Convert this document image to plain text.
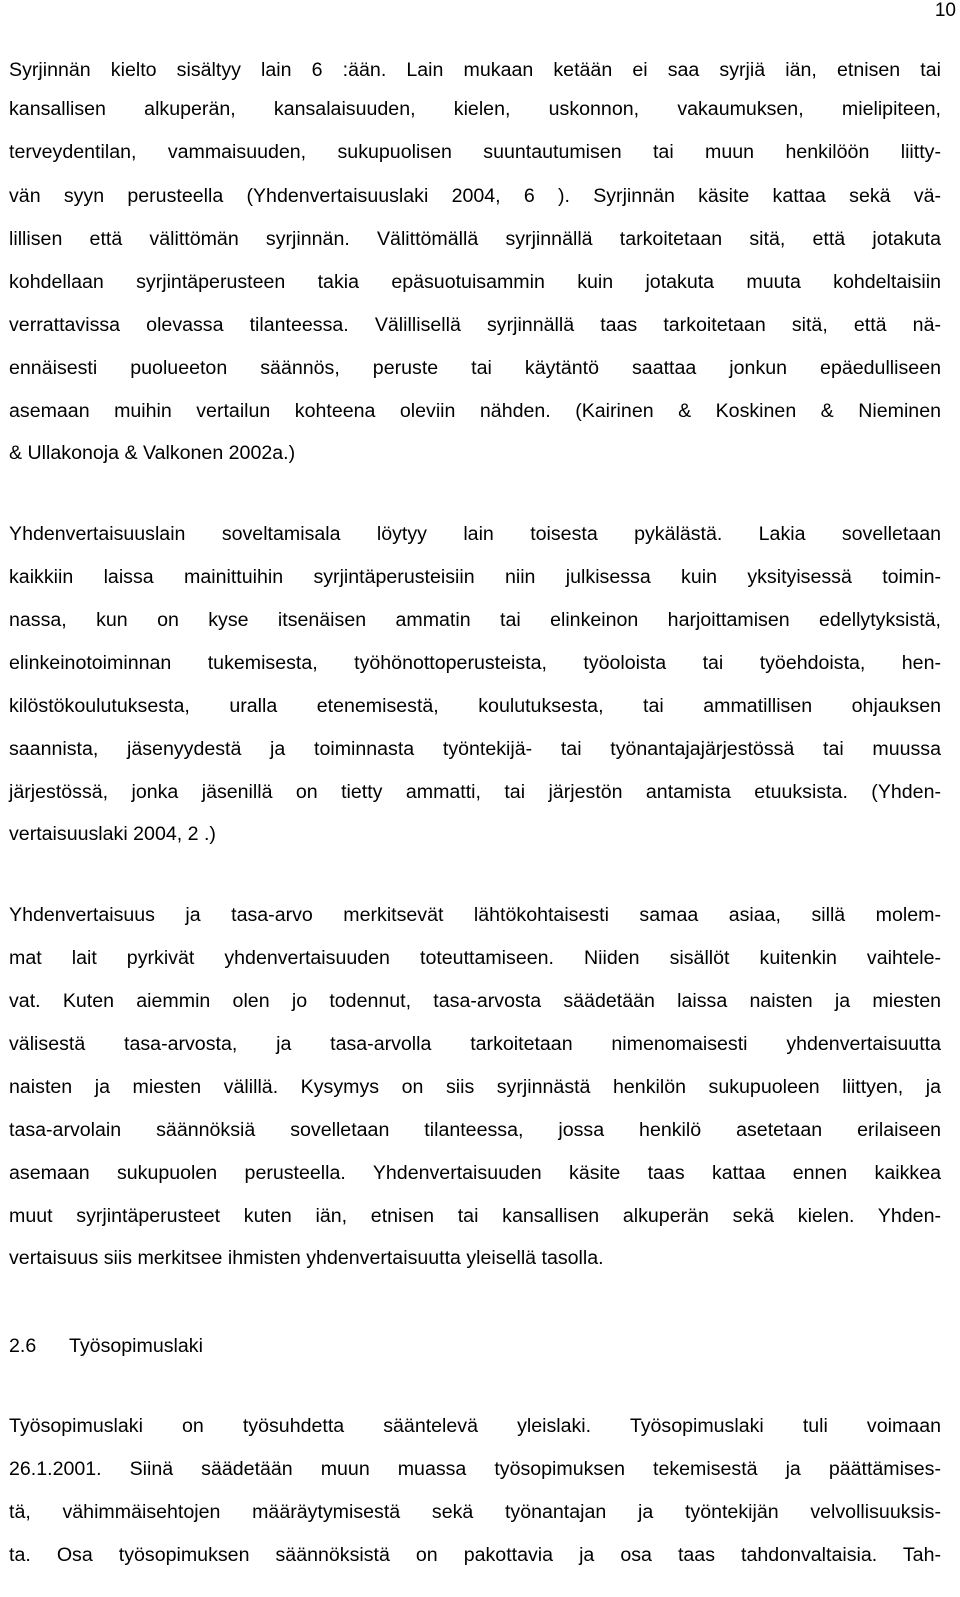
10
Syrjinnän kielto sisältyy lain 6 :ään. Lain mukaan ketään ei saa syrjiä iän, etnisen tai
kansallisen alkuperän, kansalaisuuden, kielen, uskonnon, vakaumuksen, mielipiteen,
terveydentilan, vammaisuuden, sukupuolisen suuntautumisen tai muun henkilöön liitty-
vän syyn perusteella (Yhdenvertaisuuslaki 2004, 6 ). Syrjinnän käsite kattaa sekä vä-
lillisen että välittömän syrjinnän. Välittömällä syrjinnällä tarkoitetaan sitä, että jotakuta
kohdellaan syrjintäperusteen takia epäsuotuisammin kuin jotakuta muuta kohdeltaisiin
verrattavissa olevassa tilanteessa. Välillisellä syrjinnällä taas tarkoitetaan sitä, että nä-
ennäisesti puolueeton säännös, peruste tai käytäntö saattaa jonkun epäedulliseen
asemaan muihin vertailun kohteena oleviin nähden. (Kairinen & Koskinen & Nieminen
& Ullakonoja & Valkonen 2002a.)
Yhdenvertaisuuslain soveltamisala löytyy lain toisesta pykälästä. Lakia sovelletaan
kaikkiin laissa mainittuihin syrjintäperusteisiin niin julkisessa kuin yksityisessä toimin-
nassa, kun on kyse itsenäisen ammatin tai elinkeinon harjoittamisen edellytyksistä,
elinkeinotoiminnan tukemisesta, työhönottoperusteista, työoloista tai työehdoista, hen-
kilöstökoulutuksesta, uralla etenemisestä, koulutuksesta, tai ammatillisen ohjauksen
saannista, jäsenyydestä ja toiminnasta työntekijä- tai työnantajajärjestössä tai muussa
järjestössä, jonka jäsenillä on tietty ammatti, tai järjestön antamista etuuksista. (Yhden-
vertaisuuslaki 2004, 2 .)
Yhdenvertaisuus ja tasa-arvo merkitsevät lähtökohtaisesti samaa asiaa, sillä molem-
mat lait pyrkivät yhdenvertaisuuden toteuttamiseen. Niiden sisällöt kuitenkin vaihtele-
vat. Kuten aiemmin olen jo todennut, tasa-arvosta säädetään laissa naisten ja miesten
välisestä tasa-arvosta, ja tasa-arvolla tarkoitetaan nimenomaisesti yhdenvertaisuutta
naisten ja miesten välillä. Kysymys on siis syrjinnästä henkilön sukupuoleen liittyen, ja
tasa-arvolain säännöksiä sovelletaan tilanteessa, jossa henkilö asetetaan erilaiseen
asemaan sukupuolen perusteella. Yhdenvertaisuuden käsite taas kattaa ennen kaikkea
muut syrjintäperusteet kuten iän, etnisen tai kansallisen alkuperän sekä kielen. Yhden-
vertaisuus siis merkitsee ihmisten yhdenvertaisuutta yleisellä tasolla.
2.6 Työsopimuslaki
Työsopimuslaki on työsuhdetta sääntelevä yleislaki. Työsopimuslaki tuli voimaan
26.1.2001. Siinä säädetään muun muassa työsopimuksen tekemisestä ja päättämises-
tä, vähimmäisehtojen määräytymisestä sekä työnantajan ja työntekijän velvollisuuksis-
ta. Osa työsopimuksen säännöksistä on pakottavia ja osa taas tahdonvaltaisia. Tah-
